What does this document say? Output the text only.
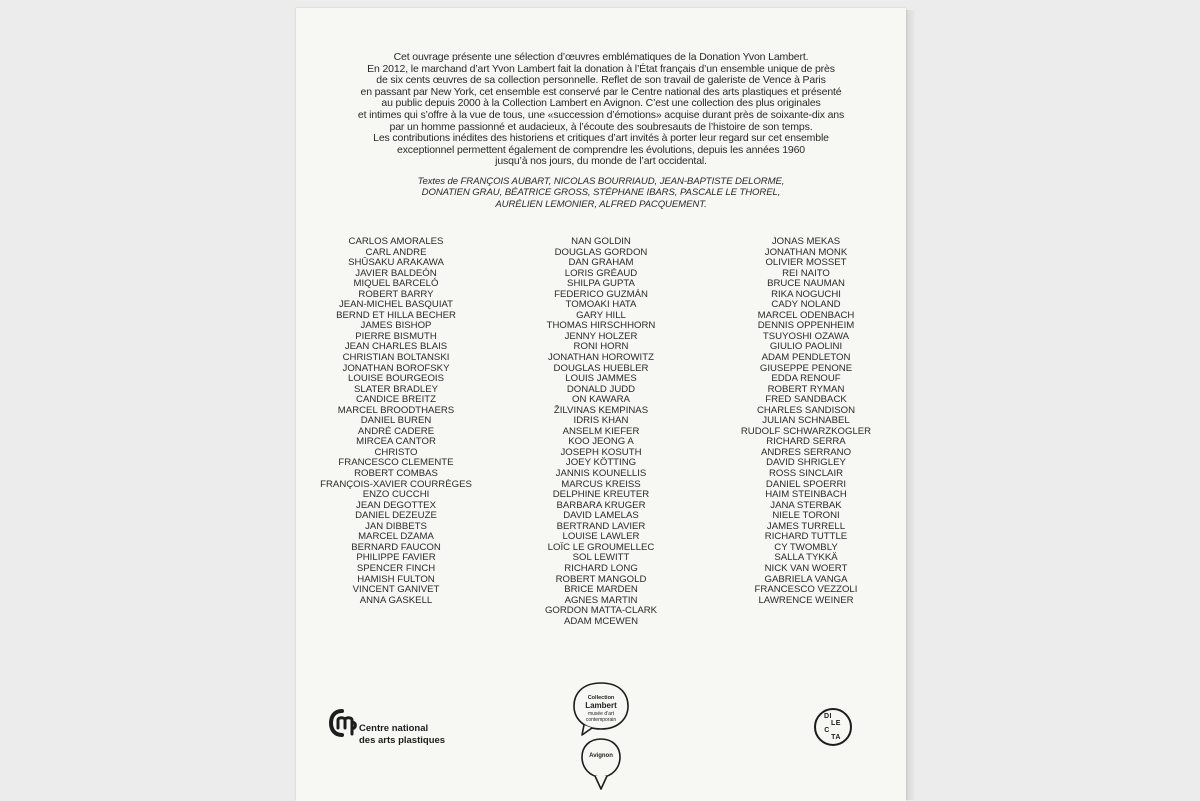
Cet ouvrage présente une sélection d’œuvres emblématiques de la Donation Yvon Lambert.

En 2012, le marchand d’art Yvon Lambert fait la donation à l’État français d’un ensemble unique de près

de six cents œuvres de sa collection personnelle. Reflet de son travail de galeriste de Vence à Paris

en passant par New York, cet ensemble est conservé par le Centre national des arts plastiques et présenté

au public depuis 2000 à la Collection Lambert en Avignon. C’est une collection des plus originales

et intimes qui s’offre à la vue de tous, une «succession d’émotions» acquise durant près de soixante-dix ans

par un homme passionné et audacieux, à l’écoute des soubresauts de l’histoire de son temps.

Les contributions inédites des historiens et critiques d’art invités à porter leur regard sur cet ensemble

exceptionnel permettent également de comprendre les évolutions, depuis les années 1960

jusqu’à nos jours, du monde de l’art occidental.

Textes de FRANÇOIS AUBART, NICOLAS BOURRIAUD, JEAN-BAPTISTE DELORME,

DONATIEN GRAU, BÉATRICE GROSS, STÉPHANE IBARS, PASCALE LE THOREL,

AURÉLIEN LEMONIER, ALFRED PACQUEMENT.

CARLOS AMORALES
CARL ANDRE
SHŪSAKU ARAKAWA
JAVIER BALDEÓN
MIQUEL BARCELÓ
ROBERT BARRY
JEAN-MICHEL BASQUIAT
BERND ET HILLA BECHER
JAMES BISHOP
PIERRE BISMUTH
JEAN CHARLES BLAIS
CHRISTIAN BOLTANSKI
JONATHAN BOROFSKY
LOUISE BOURGEOIS
SLATER BRADLEY
CANDICE BREITZ
MARCEL BROODTHAERS
DANIEL BUREN
ANDRÉ CADERE
MIRCEA CANTOR
CHRISTO
FRANCESCO CLEMENTE
ROBERT COMBAS
FRANÇOIS-XAVIER COURRÈGES
ENZO CUCCHI
JEAN DEGOTTEX
DANIEL DEZEUZE
JAN DIBBETS
MARCEL DZAMA
BERNARD FAUCON
PHILIPPE FAVIER
SPENCER FINCH
HAMISH FULTON
VINCENT GANIVET
ANNA GASKELL
NAN GOLDIN
DOUGLAS GORDON
DAN GRAHAM
LORIS GRÉAUD
SHILPA GUPTA
FEDERICO GUZMÁN
TOMOAKI HATA
GARY HILL
THOMAS HIRSCHHORN
JENNY HOLZER
RONI HORN
JONATHAN HOROWITZ
DOUGLAS HUEBLER
LOUIS JAMMES
DONALD JUDD
ON KAWARA
ŽILVINAS KEMPINAS
IDRIS KHAN
ANSELM KIEFER
KOO JEONG A
JOSEPH KOSUTH
JOEY KÖTTING
JANNIS KOUNELLIS
MARCUS KREISS
DELPHINE KREUTER
BARBARA KRUGER
DAVID LAMELAS
BERTRAND LAVIER
LOUISE LAWLER
LOÏC LE GROUMELLEC
SOL LEWITT
RICHARD LONG
ROBERT MANGOLD
BRICE MARDEN
AGNES MARTIN
GORDON MATTA-CLARK
ADAM MCEWEN
JONAS MEKAS
JONATHAN MONK
OLIVIER MOSSET
REI NAITO
BRUCE NAUMAN
RIKA NOGUCHI
CADY NOLAND
MARCEL ODENBACH
DENNIS OPPENHEIM
TSUYOSHI OZAWA
GIULIO PAOLINI
ADAM PENDLETON
GIUSEPPE PENONE
EDDA RENOUF
ROBERT RYMAN
FRED SANDBACK
CHARLES SANDISON
JULIAN SCHNABEL
RUDOLF SCHWARZKOGLER
RICHARD SERRA
ANDRES SERRANO
DAVID SHRIGLEY
ROSS SINCLAIR
DANIEL SPOERRI
HAIM STEINBACH
JANA STERBAK
NIELE TORONI
JAMES TURRELL
RICHARD TUTTLE
CY TWOMBLY
SALLA TYKKÄ
NICK VAN WOERT
GABRIELA VANGA
FRANCESCO VEZZOLI
LAWRENCE WEINER
Centre national
des arts plastiques
Collection
Lambert
musée d’art
contemporain
Avignon
DI
LE
C
TA
